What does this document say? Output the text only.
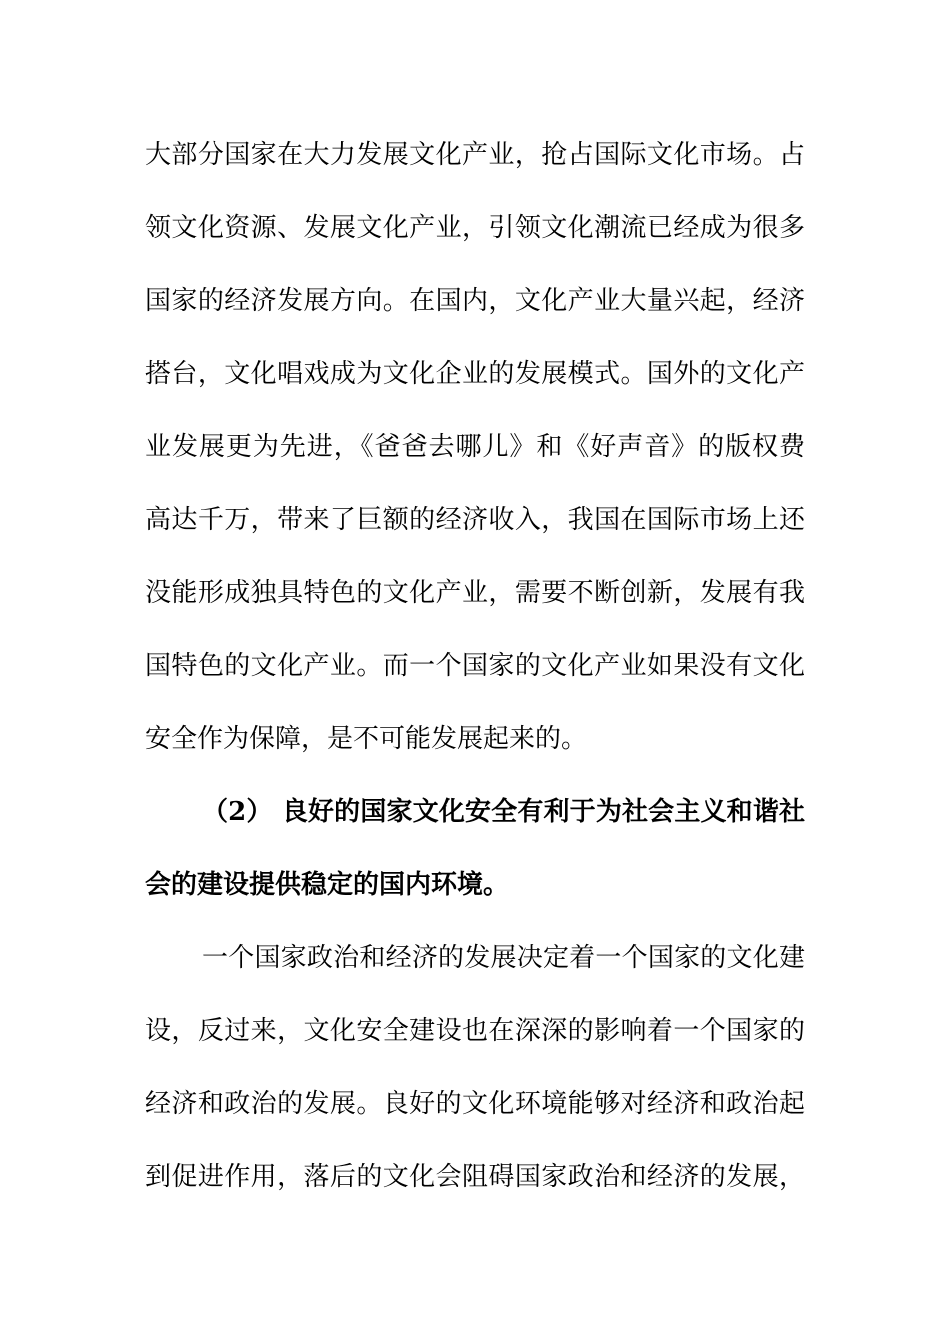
大部分国家在大力发展文化产业，抢占国际文化市场。占
领文化资源、发展文化产业，引领文化潮流已经成为很多
国家的经济发展方向。在国内，文化产业大量兴起，经济
搭台，文化唱戏成为文化企业的发展模式。国外的文化产
业发展更为先进，《爸爸去哪儿》和《好声音》的版权费
高达千万，带来了巨额的经济收入，我国在国际市场上还
没能形成独具特色的文化产业，需要不断创新，发展有我
国特色的文化产业。而一个国家的文化产业如果没有文化
安全作为保障，是不可能发展起来的。
（2） 良好的国家文化安全有利于为社会主义和谐社
会的建设提供稳定的国内环境。
一个国家政治和经济的发展决定着一个国家的文化建
设，反过来，文化安全建设也在深深的影响着一个国家的
经济和政治的发展。良好的文化环境能够对经济和政治起
到促进作用，落后的文化会阻碍国家政治和经济的发展，
